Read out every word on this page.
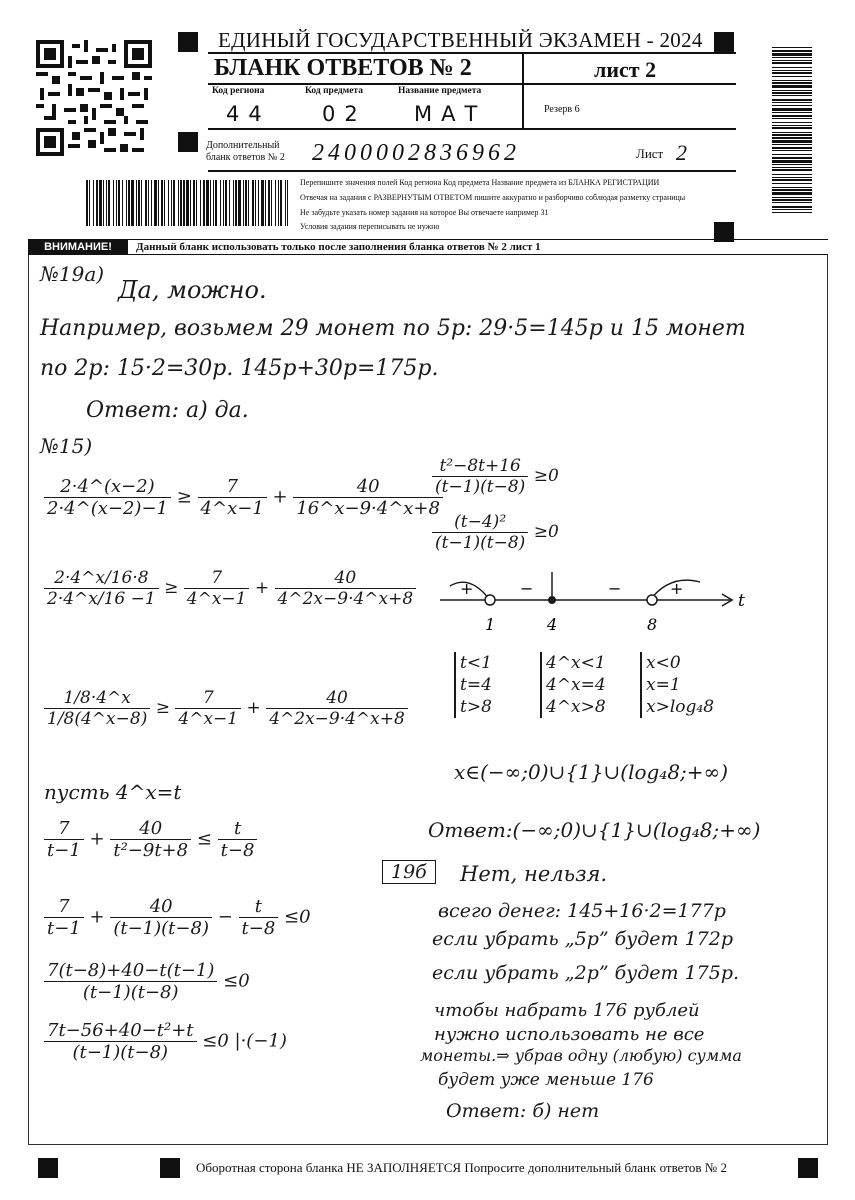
ЕДИНЫЙ ГОСУДАРСТВЕННЫЙ ЭКЗАМЕН - 2024
БЛАНК ОТВЕТОВ № 2	лист 2
Код региона	Код предмета	Название предмета
44 02 МАТ	Резерв 6
Дополнительный
бланк ответов № 2 2400002836962	Лист 2
Перепишите значения полей Код региона Код предмета Название предмета из БЛАНКА РЕГИСТРАЦИИ
Отвечая на задания с РАЗВЕРНУТЫМ ОТВЕТОМ пишите аккуратно и разборчиво соблюдая разметку страницы
Не забудьте указать номер задания на которое Вы отвечаете например 31
Условия задания переписывать не нужно
ВНИМАНИЕ!	Данный бланк использовать только после заполнения бланка ответов № 2 лист 1
№19а)
Да, можно.
Например, возьмем 29 монет по 5р: 29·5=145р и 15 монет
по 2р: 15·2=30р. 145р+30р=175р.
Ответ: а) да.
№15)
$\frac{2\cdot 4\^{}(x-2)}{2\cdot 4\^{}(x-2)-1} \ge \frac{7}{4\^{}x-1} + \frac{40}{16\^{}x-9\cdot 4\^{}x+8}$
$\frac{2\cdot 4\^{}x/16\cdot 8}{2\cdot 4\^{}x/16 -1} \ge \frac{7}{4\^{}x-1} + \frac{40}{4\^{}2x-9\cdot 4\^{}x+8}$
$\frac{1/8\cdot 4\^{}x}{1/8(4\^{}x-8)} \ge \frac{7}{4\^{}x-1} + \frac{40}{4\^{}2x-9\cdot 4\^{}x+8}$
пусть 4^x=t
$\frac{7}{t-1} + \frac{40}{\text{t²−9t+8}} \le \frac{t}{t-8}$
$\frac{7}{t-1} + \frac{40}{(t-1)(t-8)} - \frac{t}{t-8} \le 0$
$\frac{7(t-8)+40-t(t-1)}{(t-1)(t-8)} \le 0$
$\frac{\text{7t−56+40−t²+t}}{(t-1)(t-8)} \le 0$ |·(−1)
$\frac{\text{t²−8t+16}}{(t-1)(t-8)} \ge 0$
$\frac{\text{(t−4)²}}{(t-1)(t-8)} \ge 0$
+	−	−	+
t
1	4	8
t<1
t=4
t>8
4^x<1
4^x=4
4^x>8
x<0
x=1
x>log₄8
x∈(−∞;0)∪{1}∪(log₄8;+∞)
Ответ:(−∞;0)∪{1}∪(log₄8;+∞)
19б	Нет, нельзя.
всего денег: 145+16·2=177р
если убрать „5р” будет 172р
если убрать „2р” будет 175р.
чтобы набрать 176 рублей
нужно использовать не все
монеты.⇒ убрав одну (любую) сумма
будет уже меньше 176
Ответ: б) нет
Оборотная сторона бланка НЕ ЗАПОЛНЯЕТСЯ Попросите дополнительный бланк ответов № 2
